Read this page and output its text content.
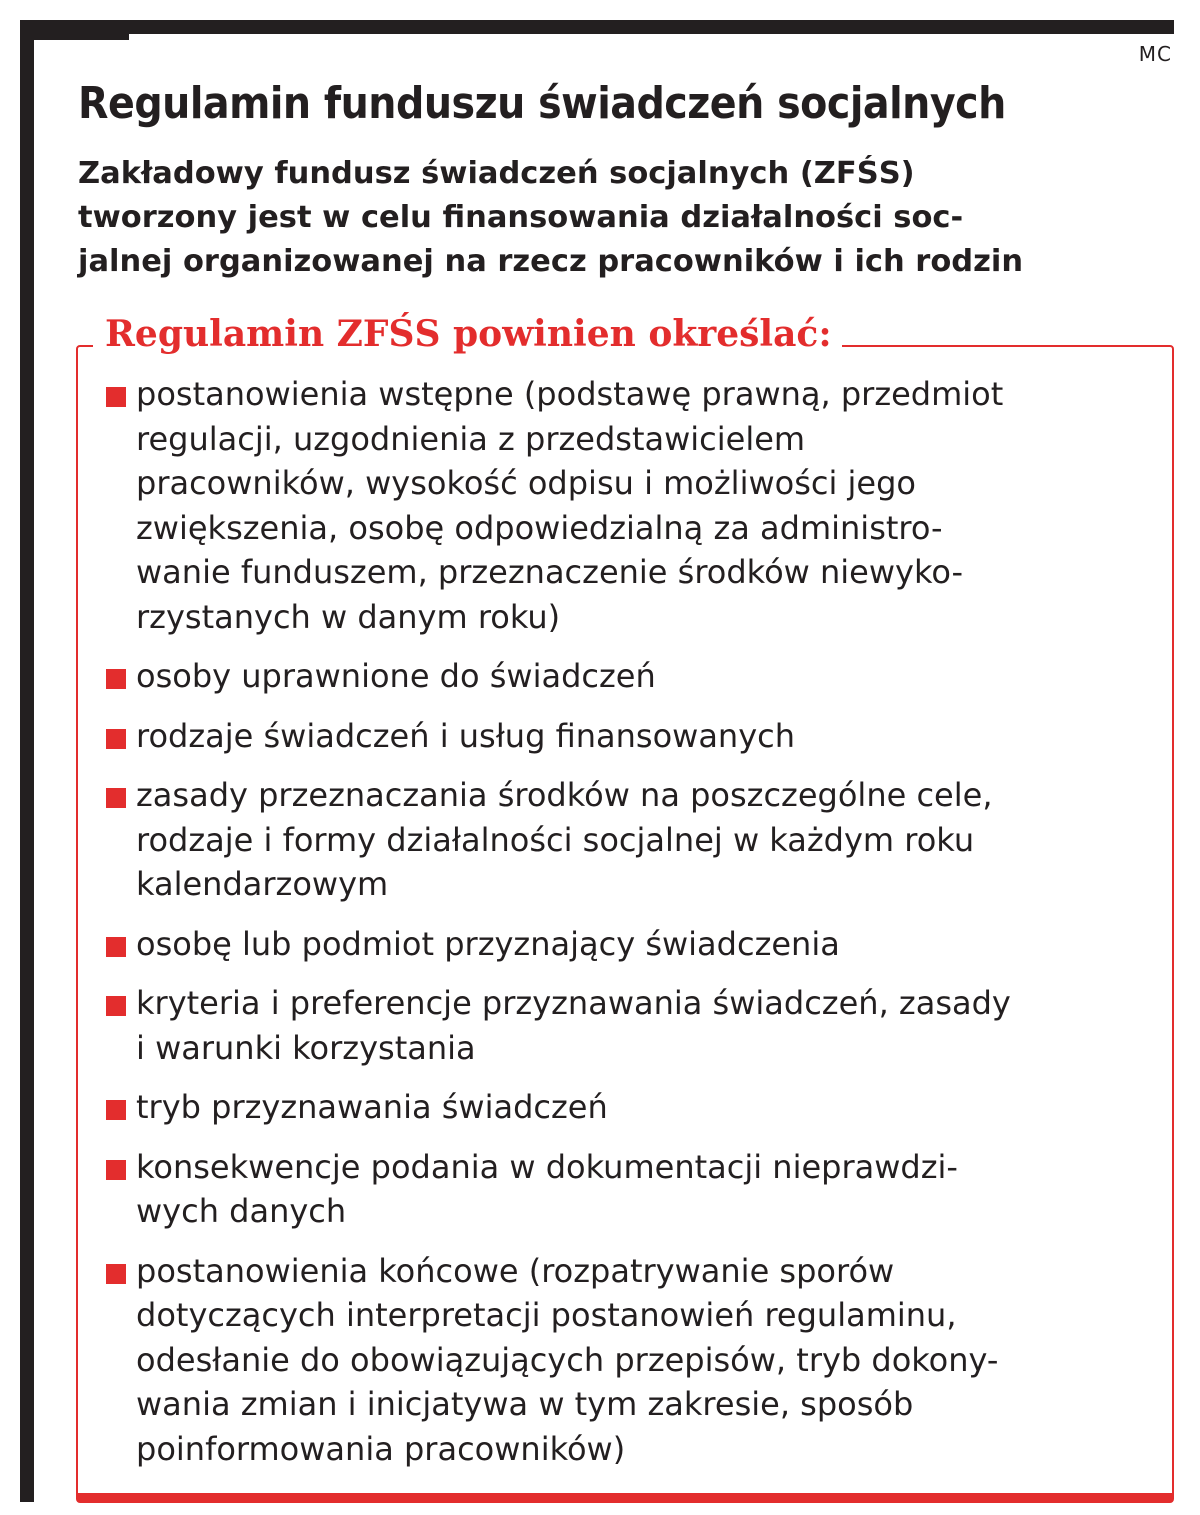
MC
Regulamin funduszu świadczeń socjalnych

Zakładowy fundusz świadczeń socjalnych (ZFŚS)
tworzony jest w celu finansowania działalności soc-
jalnej organizowanej na rzecz pracowników i ich rodzin

Regulamin ZFŚS powinien określać:
postanowienia wstępne (podstawę prawną, przedmiot
regulacji, uzgodnienia z przedstawicielem
pracowników, wysokość odpisu i możliwości jego
zwiększenia, osobę odpowiedzialną za administro-
wanie funduszem, przeznaczenie środków niewyko-
rzystanych w danym roku)
osoby uprawnione do świadczeń
rodzaje świadczeń i usług finansowanych
zasady przeznaczania środków na poszczególne cele,
rodzaje i formy działalności socjalnej w każdym roku
kalendarzowym
osobę lub podmiot przyznający świadczenia
kryteria i preferencje przyznawania świadczeń, zasady
i warunki korzystania
tryb przyznawania świadczeń
konsekwencje podania w dokumentacji nieprawdzi-
wych danych
postanowienia końcowe (rozpatrywanie sporów
dotyczących interpretacji postanowień regulaminu,
odesłanie do obowiązujących przepisów, tryb dokony-
wania zmian i inicjatywa w tym zakresie, sposób
poinformowania pracowników)
